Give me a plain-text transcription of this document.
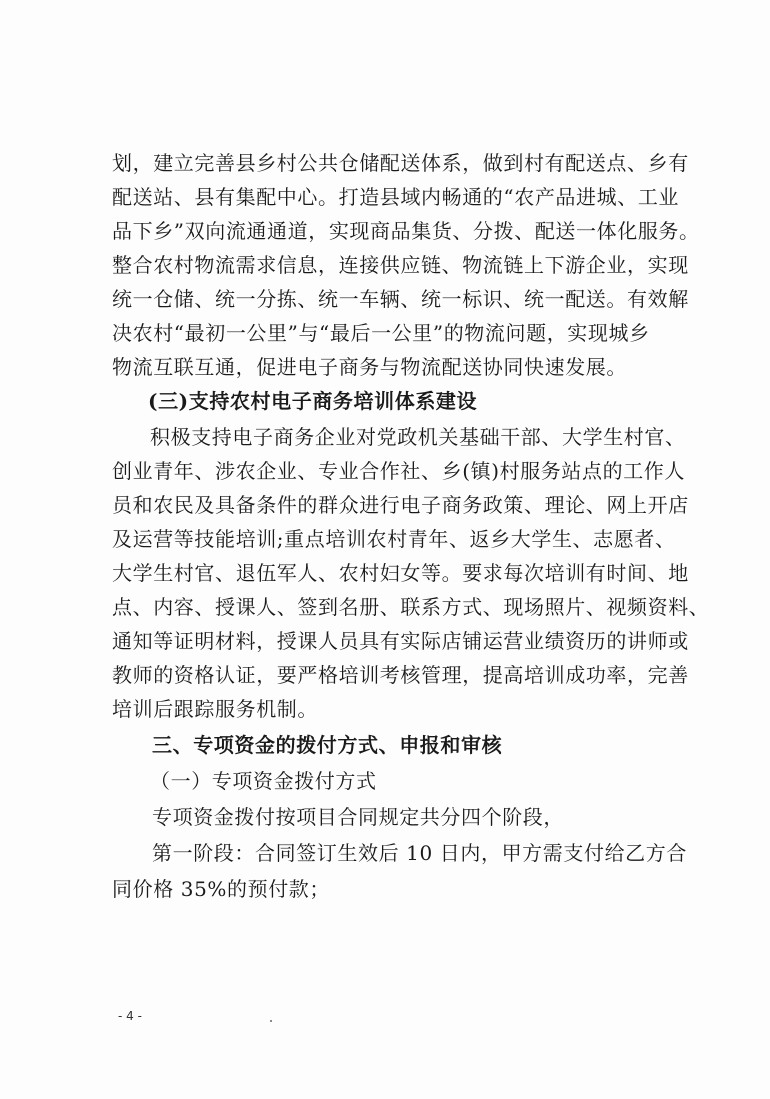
划，建立完善县乡村公共仓储配送体系，做到村有配送点、乡有
配送站、县有集配中心。打造县域内畅通的“农产品进城、工业
品下乡”双向流通通道，实现商品集货、分拨、配送一体化服务。
整合农村物流需求信息，连接供应链、物流链上下游企业，实现
统一仓储、统一分拣、统一车辆、统一标识、统一配送。有效解
决农村“最初一公里”与“最后一公里”的物流问题，实现城乡
物流互联互通，促进电子商务与物流配送协同快速发展。
(三)支持农村电子商务培训体系建设
积极支持电子商务企业对党政机关基础干部、大学生村官、
创业青年、涉农企业、专业合作社、乡(镇)村服务站点的工作人
员和农民及具备条件的群众进行电子商务政策、理论、网上开店
及运营等技能培训;重点培训农村青年、返乡大学生、志愿者、
大学生村官、退伍军人、农村妇女等。要求每次培训有时间、地
点、内容、授课人、签到名册、联系方式、现场照片、视频资料、
通知等证明材料，授课人员具有实际店铺运营业绩资历的讲师或
教师的资格认证，要严格培训考核管理，提高培训成功率，完善
培训后跟踪服务机制。
三、专项资金的拨付方式、申报和审核
（一）专项资金拨付方式
专项资金拨付按项目合同规定共分四个阶段，
第一阶段：合同签订生效后 10 日内，甲方需支付给乙方合
同价格 35%的预付款；
- 4 -
